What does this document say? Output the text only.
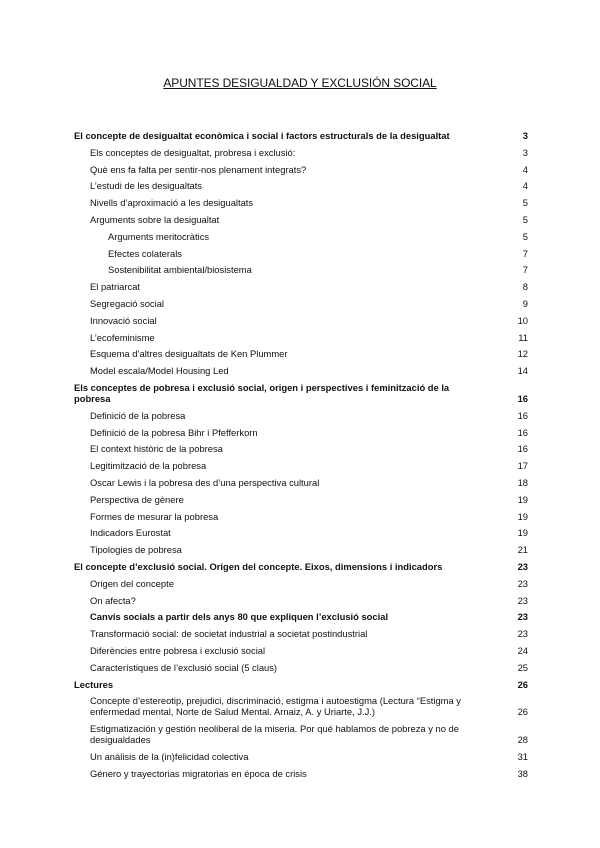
APUNTES DESIGUALDAD Y EXCLUSIÓN SOCIAL
El concepte de desigualtat econòmica i social i factors estructurals de la desigualtat	3
Els conceptes de desigualtat, probresa i exclusió:	3
Què ens fa falta per sentir-nos plenament integrats?	4
L’estudi de les desigualtats	4
Nivells d’aproximació a les desigualtats	5
Arguments sobre la desigualtat	5
Arguments meritocràtics	5
Efectes colaterals	7
Sostenibilitat ambiental/biosistema	7
El patriarcat	8
Segregació social	9
Innovació social	10
L’ecofeminisme	11
Esquema d’altres desigualtats de Ken Plummer	12
Model escala/Model Housing Led	14
Els conceptes de pobresa i exclusió social, origen i perspectives i feminització de la pobresa	16
Definició de la pobresa	16
Definició de la pobresa Bihr i Pfefferkorn	16
El context històric de la pobresa	16
Legitimització de la pobresa	17
Oscar Lewis i la pobresa des d’una perspectiva cultural	18
Perspectiva de gènere	19
Formes de mesurar la pobresa	19
Indicadors Eurostat	19
Tipologies de pobresa	21
El concepte d’exclusió social. Origen del concepte. Eixos, dimensions i indicadors	23
Origen del concepte	23
On afecta?	23
Canvis socials a partir dels anys 80 que expliquen l’exclusió social	23
Transformació social: de societat industrial a societat postindustrial	23
Diferències entre pobresa i exclusió social	24
Característiques de l’exclusió social (5 claus)	25
Lectures	26
Concepte d’estereotip, prejudici, discriminació, estigma i autoestigma (Lectura “Estigma y enfermedad mental, Norte de Salud Mental. Arnaiz, A. y Uriarte, J.J.)	26
Estigmatización y gestión neoliberal de la miseria. Por qué hablamos de pobreza y no de desigualdades	28
Un análisis de la (in)felicidad colectiva	31
Género y trayectorias migratorias en época de crisis	38
